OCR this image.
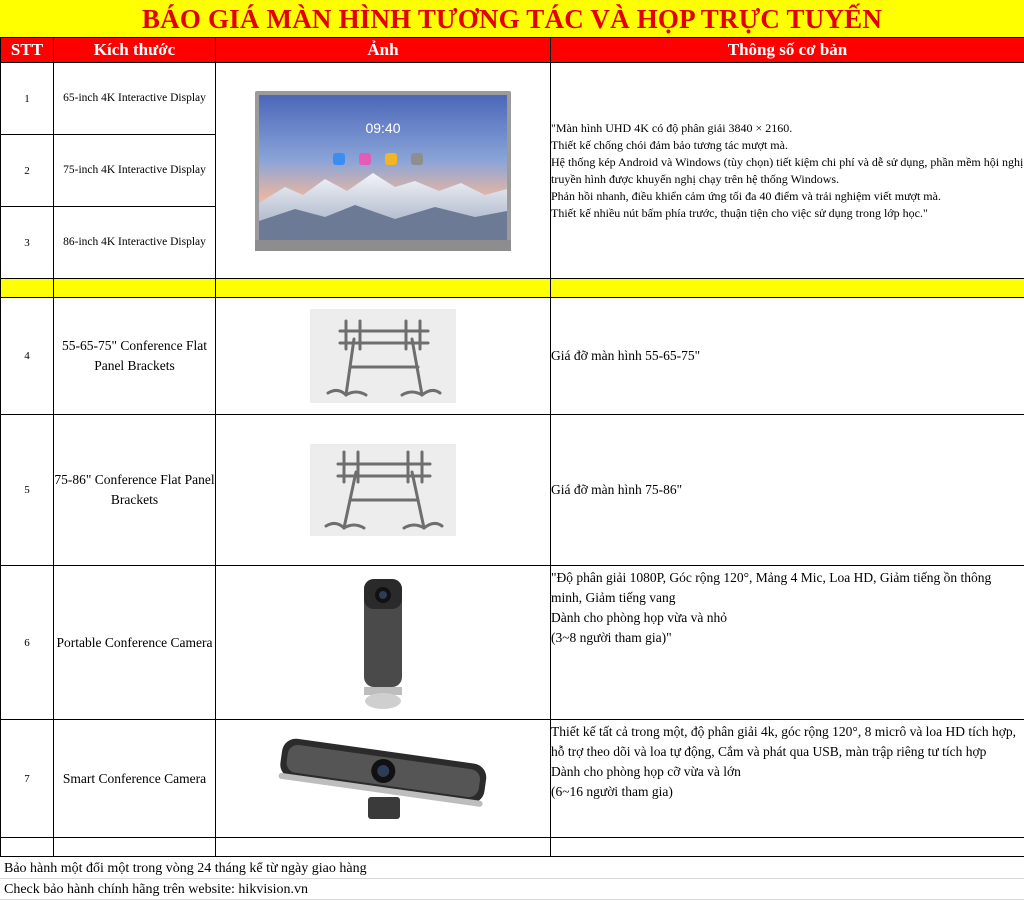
BÁO GIÁ MÀN HÌNH TƯƠNG TÁC VÀ HỌP TRỰC TUYẾN
STT	Kích thước	Ảnh	Thông số cơ bản
1	65-inch 4K Interactive Display	09:40	"Màn hình UHD 4K có độ phân giải 3840 × 2160.
Thiết kế chống chói đảm bảo tương tác mượt mà.
Hệ thống kép Android và Windows (tùy chọn) tiết kiệm chi phí và dễ sử dụng, phần mềm hội nghị truyền hình được khuyến nghị chạy trên hệ thống Windows.
Phản hồi nhanh, điều khiển cảm ứng tối đa 40 điểm và trải nghiệm viết mượt mà.
Thiết kế nhiều nút bấm phía trước, thuận tiện cho việc sử dụng trong lớp học."
2	75-inch 4K Interactive Display		
3	86-inch 4K Interactive Display		

4	55-65-75" Conference Flat Panel Brackets		Giá đỡ màn hình 55-65-75"
5	75-86" Conference Flat Panel Brackets		Giá đỡ màn hình 75-86"
6	Portable Conference Camera		"Độ phân giải 1080P, Góc rộng 120°, Mảng 4 Mic, Loa HD, Giảm tiếng ồn thông minh, Giảm tiếng vang
Dành cho phòng họp vừa và nhỏ
(3~8 người tham gia)"
7	Smart Conference Camera		Thiết kế tất cả trong một, độ phân giải 4k, góc rộng 120°, 8 micrô và loa HD tích hợp, hỗ trợ theo dõi và loa tự động, Cắm và phát qua USB, màn trập riêng tư tích hợp
Dành cho phòng họp cỡ vừa và lớn
(6~16 người tham gia)

Bảo hành một đổi một trong vòng 24 tháng kể từ ngày giao hàng
Check bảo hành chính hãng trên website: hikvision.vn
